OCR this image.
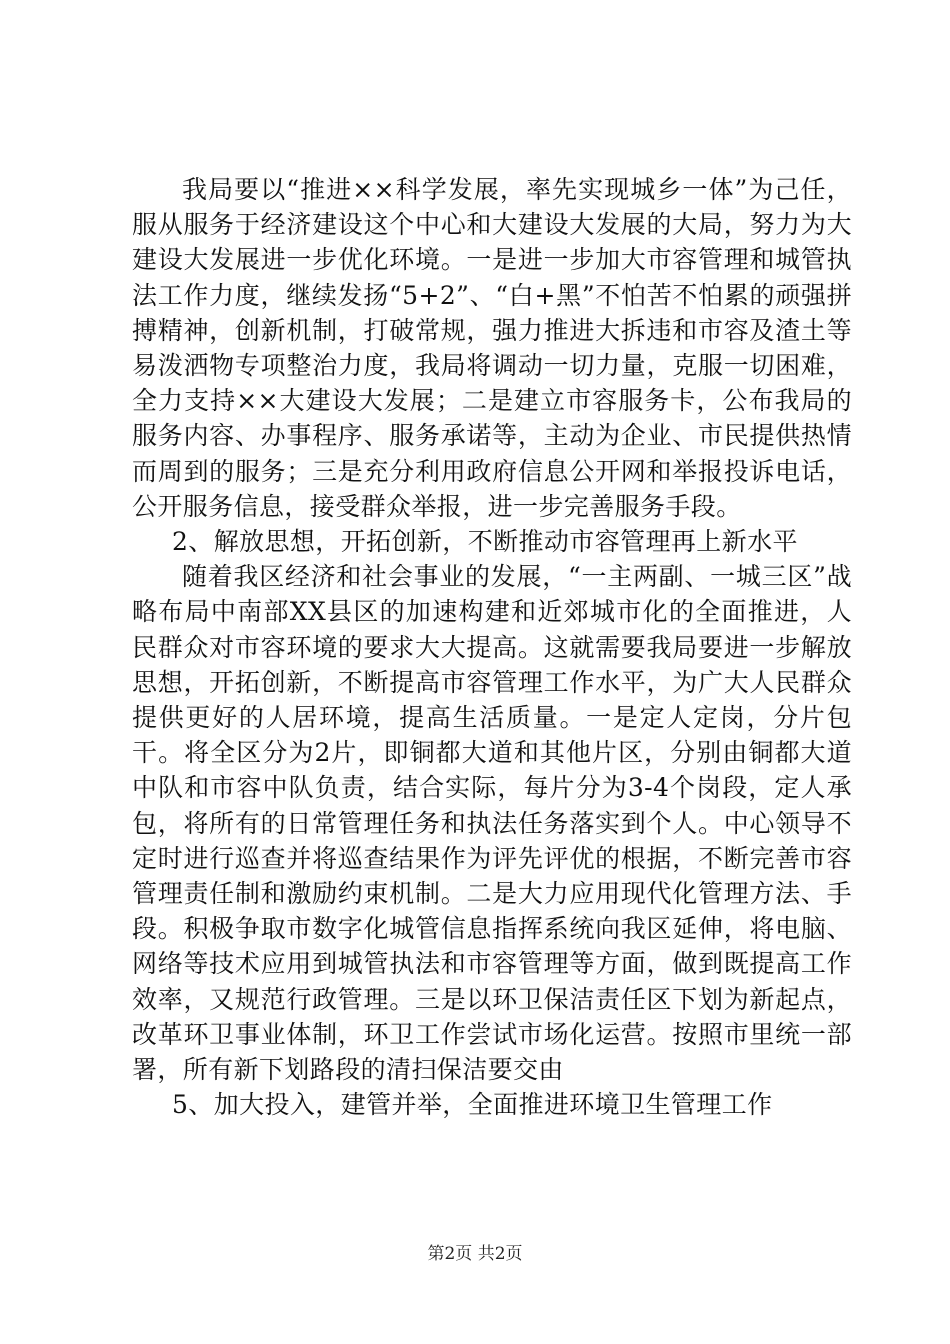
我局要以“推进××科学发展，率先实现城乡一体”为己任，服从服务于经济建设这个中心和大建设大发展的大局，努力为大建设大发展进一步优化环境。一是进一步加大市容管理和城管执法工作力度，继续发扬“5+2”、“白+黑”不怕苦不怕累的顽强拼搏精神，创新机制，打破常规，强力推进大拆违和市容及渣土等易泼洒物专项整治力度，我局将调动一切力量，克服一切困难，全力支持××大建设大发展；二是建立市容服务卡，公布我局的服务内容、办事程序、服务承诺等，主动为企业、市民提供热情而周到的服务；三是充分利用政府信息公开网和举报投诉电话，公开服务信息，接受群众举报，进一步完善服务手段。

2、解放思想，开拓创新，不断推动市容管理再上新水平

随着我区经济和社会事业的发展，“一主两副、一城三区”战略布局中南部XX县区的加速构建和近郊城市化的全面推进，人民群众对市容环境的要求大大提高。这就需要我局要进一步解放思想，开拓创新，不断提高市容管理工作水平，为广大人民群众提供更好的人居环境，提高生活质量。一是定人定岗，分片包干。将全区分为2片，即铜都大道和其他片区，分别由铜都大道中队和市容中队负责，结合实际，每片分为3-4个岗段，定人承包，将所有的日常管理任务和执法任务落实到个人。中心领导不定时进行巡查并将巡查结果作为评先评优的根据，不断完善市容管理责任制和激励约束机制。二是大力应用现代化管理方法、手段。积极争取市数字化城管信息指挥系统向我区延伸，将电脑、网络等技术应用到城管执法和市容管理等方面，做到既提高工作效率，又规范行政管理。三是以环卫保洁责任区下划为新起点，改革环卫事业体制，环卫工作尝试市场化运营。按照市里统一部署，所有新下划路段的清扫保洁要交由

5、加大投入，建管并举，全面推进环境卫生管理工作

第2页 共2页
